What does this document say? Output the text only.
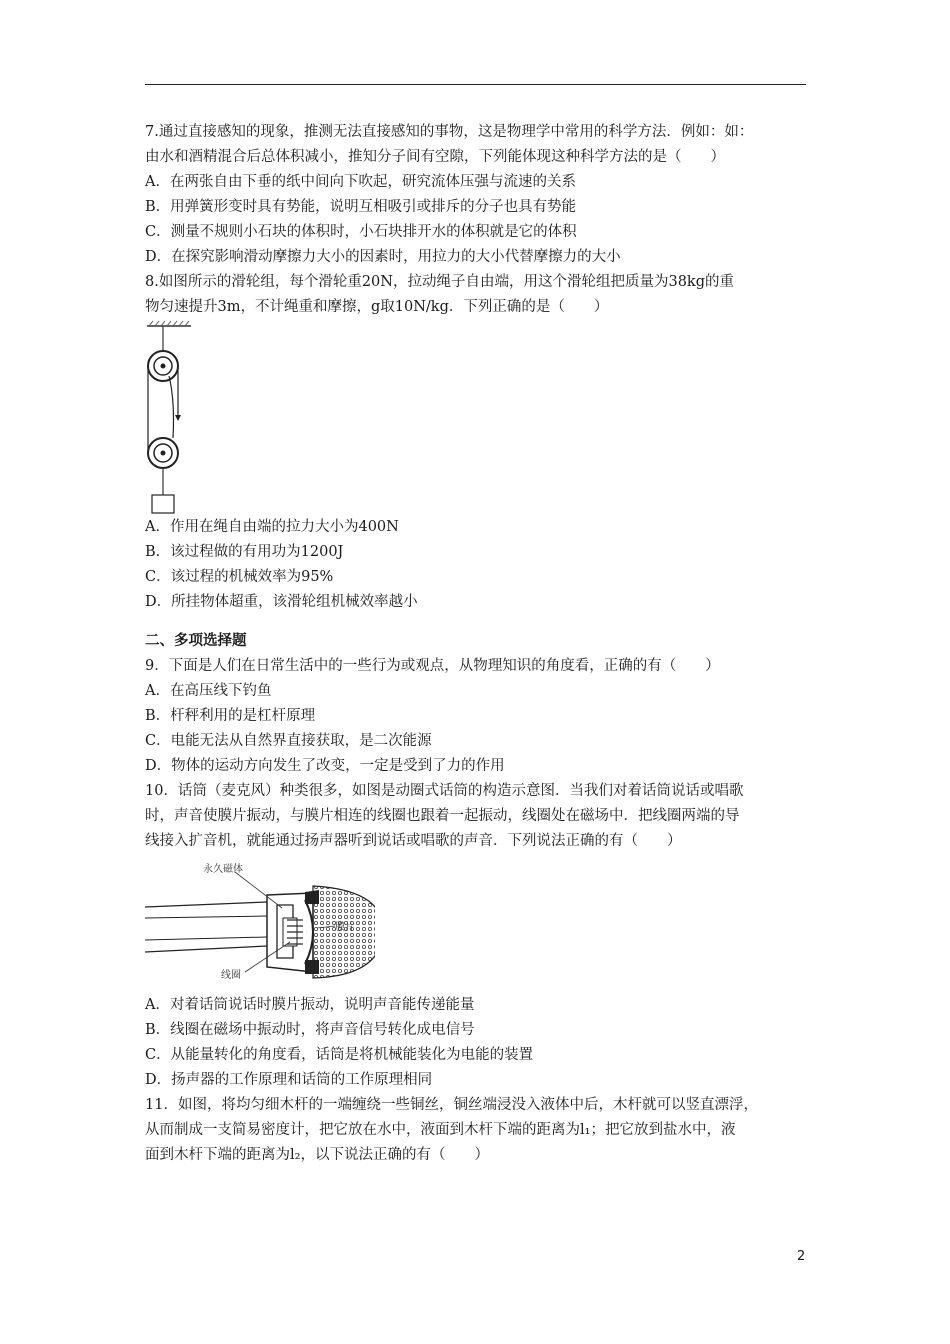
7.通过直接感知的现象，推测无法直接感知的事物，这是物理学中常用的科学方法．例如：如：
由水和酒精混合后总体积减小，推知分子间有空隙，下列能体现这种科学方法的是（　　）
A．在两张自由下垂的纸中间向下吹起，研究流体压强与流速的关系
B．用弹簧形变时具有势能，说明互相吸引或排斥的分子也具有势能
C．测量不规则小石块的体积时，小石块排开水的体积就是它的体积
D．在探究影响滑动摩擦力大小的因素时，用拉力的大小代替摩擦力的大小
8.如图所示的滑轮组，每个滑轮重20N，拉动绳子自由端，用这个滑轮组把质量为38kg的重
物匀速提升3m，不计绳重和摩擦，g取10N/kg．下列正确的是（　　）
A．作用在绳自由端的拉力大小为400N
B．该过程做的有用功为1200J
C．该过程的机械效率为95%
D．所挂物体超重，该滑轮组机械效率越小
二、多项选择题
9．下面是人们在日常生活中的一些行为或观点，从物理知识的角度看，正确的有（　　）
A．在高压线下钓鱼
B．杆秤利用的是杠杆原理
C．电能无法从自然界直接获取，是二次能源
D．物体的运动方向发生了改变，一定是受到了力的作用
10．话筒（麦克风）种类很多，如图是动圈式话筒的构造示意图．当我们对着话筒说话或唱歌
时，声音使膜片振动，与膜片相连的线圈也跟着一起振动，线圈处在磁场中．把线圈两端的导
线接入扩音机，就能通过扬声器听到说话或唱歌的声音．下列说法正确的有（　　）
永久磁体
膜片
线圈
A．对着话筒说话时膜片振动，说明声音能传递能量
B．线圈在磁场中振动时，将声音信号转化成电信号
C．从能量转化的角度看，话筒是将机械能装化为电能的装置
D．扬声器的工作原理和话筒的工作原理相同
11．如图，将均匀细木杆的一端缠绕一些铜丝，铜丝端浸没入液体中后，木杆就可以竖直漂浮，
从而制成一支简易密度计，把它放在水中，液面到木杆下端的距离为l₁；把它放到盐水中，液
面到木杆下端的距离为l₂，以下说法正确的有（　　）
2
